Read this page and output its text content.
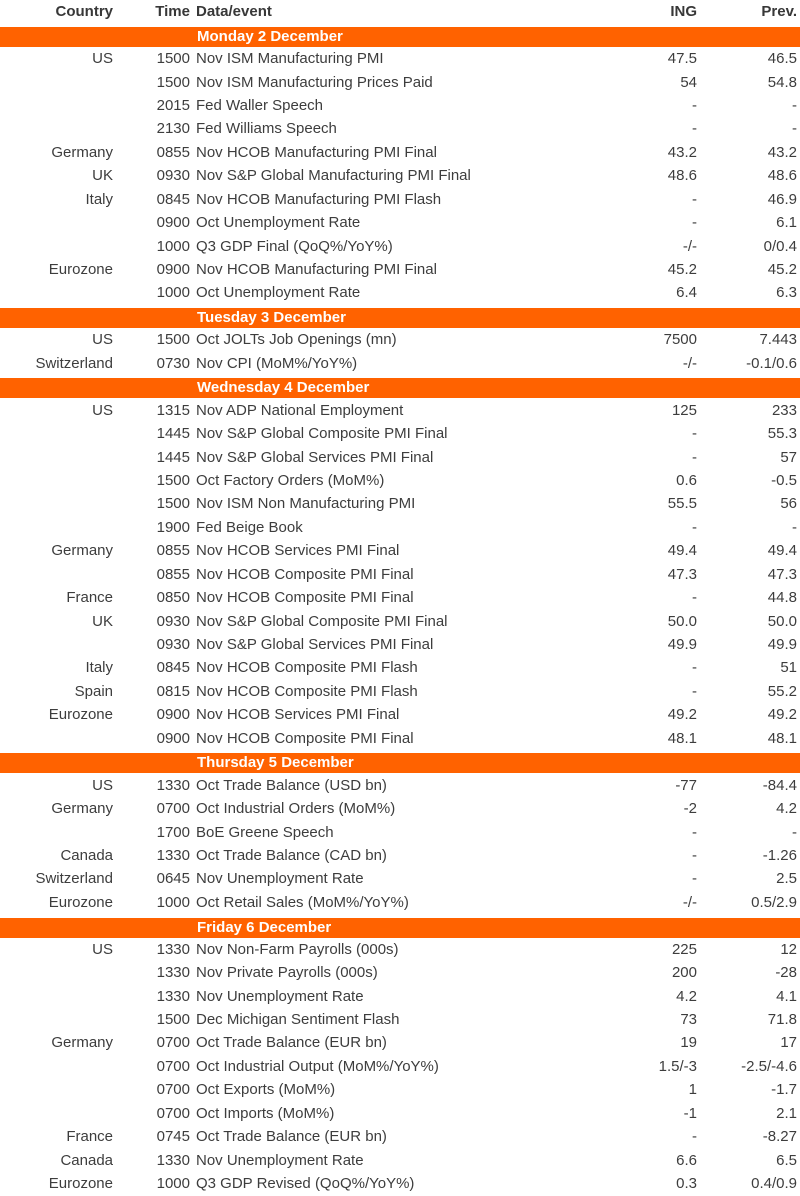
Country	Time	Data/event	ING	Prev.

Monday 2 December				

US	1500	Nov ISM Manufacturing PMI	47.5	46.5
	1500	Nov ISM Manufacturing Prices Paid	54	54.8
	2015	Fed Waller Speech	-	-
	2130	Fed Williams Speech	-	-
Germany	0855	Nov HCOB Manufacturing PMI Final	43.2	43.2
UK	0930	Nov S&P Global Manufacturing PMI Final	48.6	48.6
Italy	0845	Nov HCOB Manufacturing PMI Flash	-	46.9
	0900	Oct Unemployment Rate	-	6.1
	1000	Q3 GDP Final (QoQ%/YoY%)	-/-	0/0.4
Eurozone	0900	Nov HCOB Manufacturing PMI Final	45.2	45.2
	1000	Oct Unemployment Rate	6.4	6.3

Tuesday 3 December				

US	1500	Oct JOLTs Job Openings (mn)	7500	7.443
Switzerland	0730	Nov CPI (MoM%/YoY%)	-/-	-0.1/0.6

Wednesday 4 December				

US	1315	Nov ADP National Employment	125	233
	1445	Nov S&P Global Composite PMI Final	-	55.3
	1445	Nov S&P Global Services PMI Final	-	57
	1500	Oct Factory Orders (MoM%)	0.6	-0.5
	1500	Nov ISM Non Manufacturing PMI	55.5	56
	1900	Fed Beige Book	-	-
Germany	0855	Nov HCOB Services PMI Final	49.4	49.4
	0855	Nov HCOB Composite PMI Final	47.3	47.3
France	0850	Nov HCOB Composite PMI Final	-	44.8
UK	0930	Nov S&P Global Composite PMI Final	50.0	50.0
	0930	Nov S&P Global Services PMI Final	49.9	49.9
Italy	0845	Nov HCOB Composite PMI Flash	-	51
Spain	0815	Nov HCOB Composite PMI Flash	-	55.2
Eurozone	0900	Nov HCOB Services PMI Final	49.2	49.2
	0900	Nov HCOB Composite PMI Final	48.1	48.1

Thursday 5 December				

US	1330	Oct Trade Balance (USD bn)	-77	-84.4
Germany	0700	Oct Industrial Orders (MoM%)	-2	4.2
	1700	BoE Greene Speech	-	-
Canada	1330	Oct Trade Balance (CAD bn)	-	-1.26
Switzerland	0645	Nov Unemployment Rate	-	2.5
Eurozone	1000	Oct Retail Sales (MoM%/YoY%)	-/-	0.5/2.9

Friday 6 December				

US	1330	Nov Non-Farm Payrolls (000s)	225	12
	1330	Nov Private Payrolls (000s)	200	-28
	1330	Nov Unemployment Rate	4.2	4.1
	1500	Dec Michigan Sentiment Flash	73	71.8
Germany	0700	Oct Trade Balance (EUR bn)	19	17
	0700	Oct Industrial Output (MoM%/YoY%)	1.5/-3	-2.5/-4.6
	0700	Oct Exports (MoM%)	1	-1.7
	0700	Oct Imports (MoM%)	-1	2.1
France	0745	Oct Trade Balance (EUR bn)	-	-8.27
Canada	1330	Nov Unemployment Rate	6.6	6.5
Eurozone	1000	Q3 GDP Revised (QoQ%/YoY%)	0.3	0.4/0.9
